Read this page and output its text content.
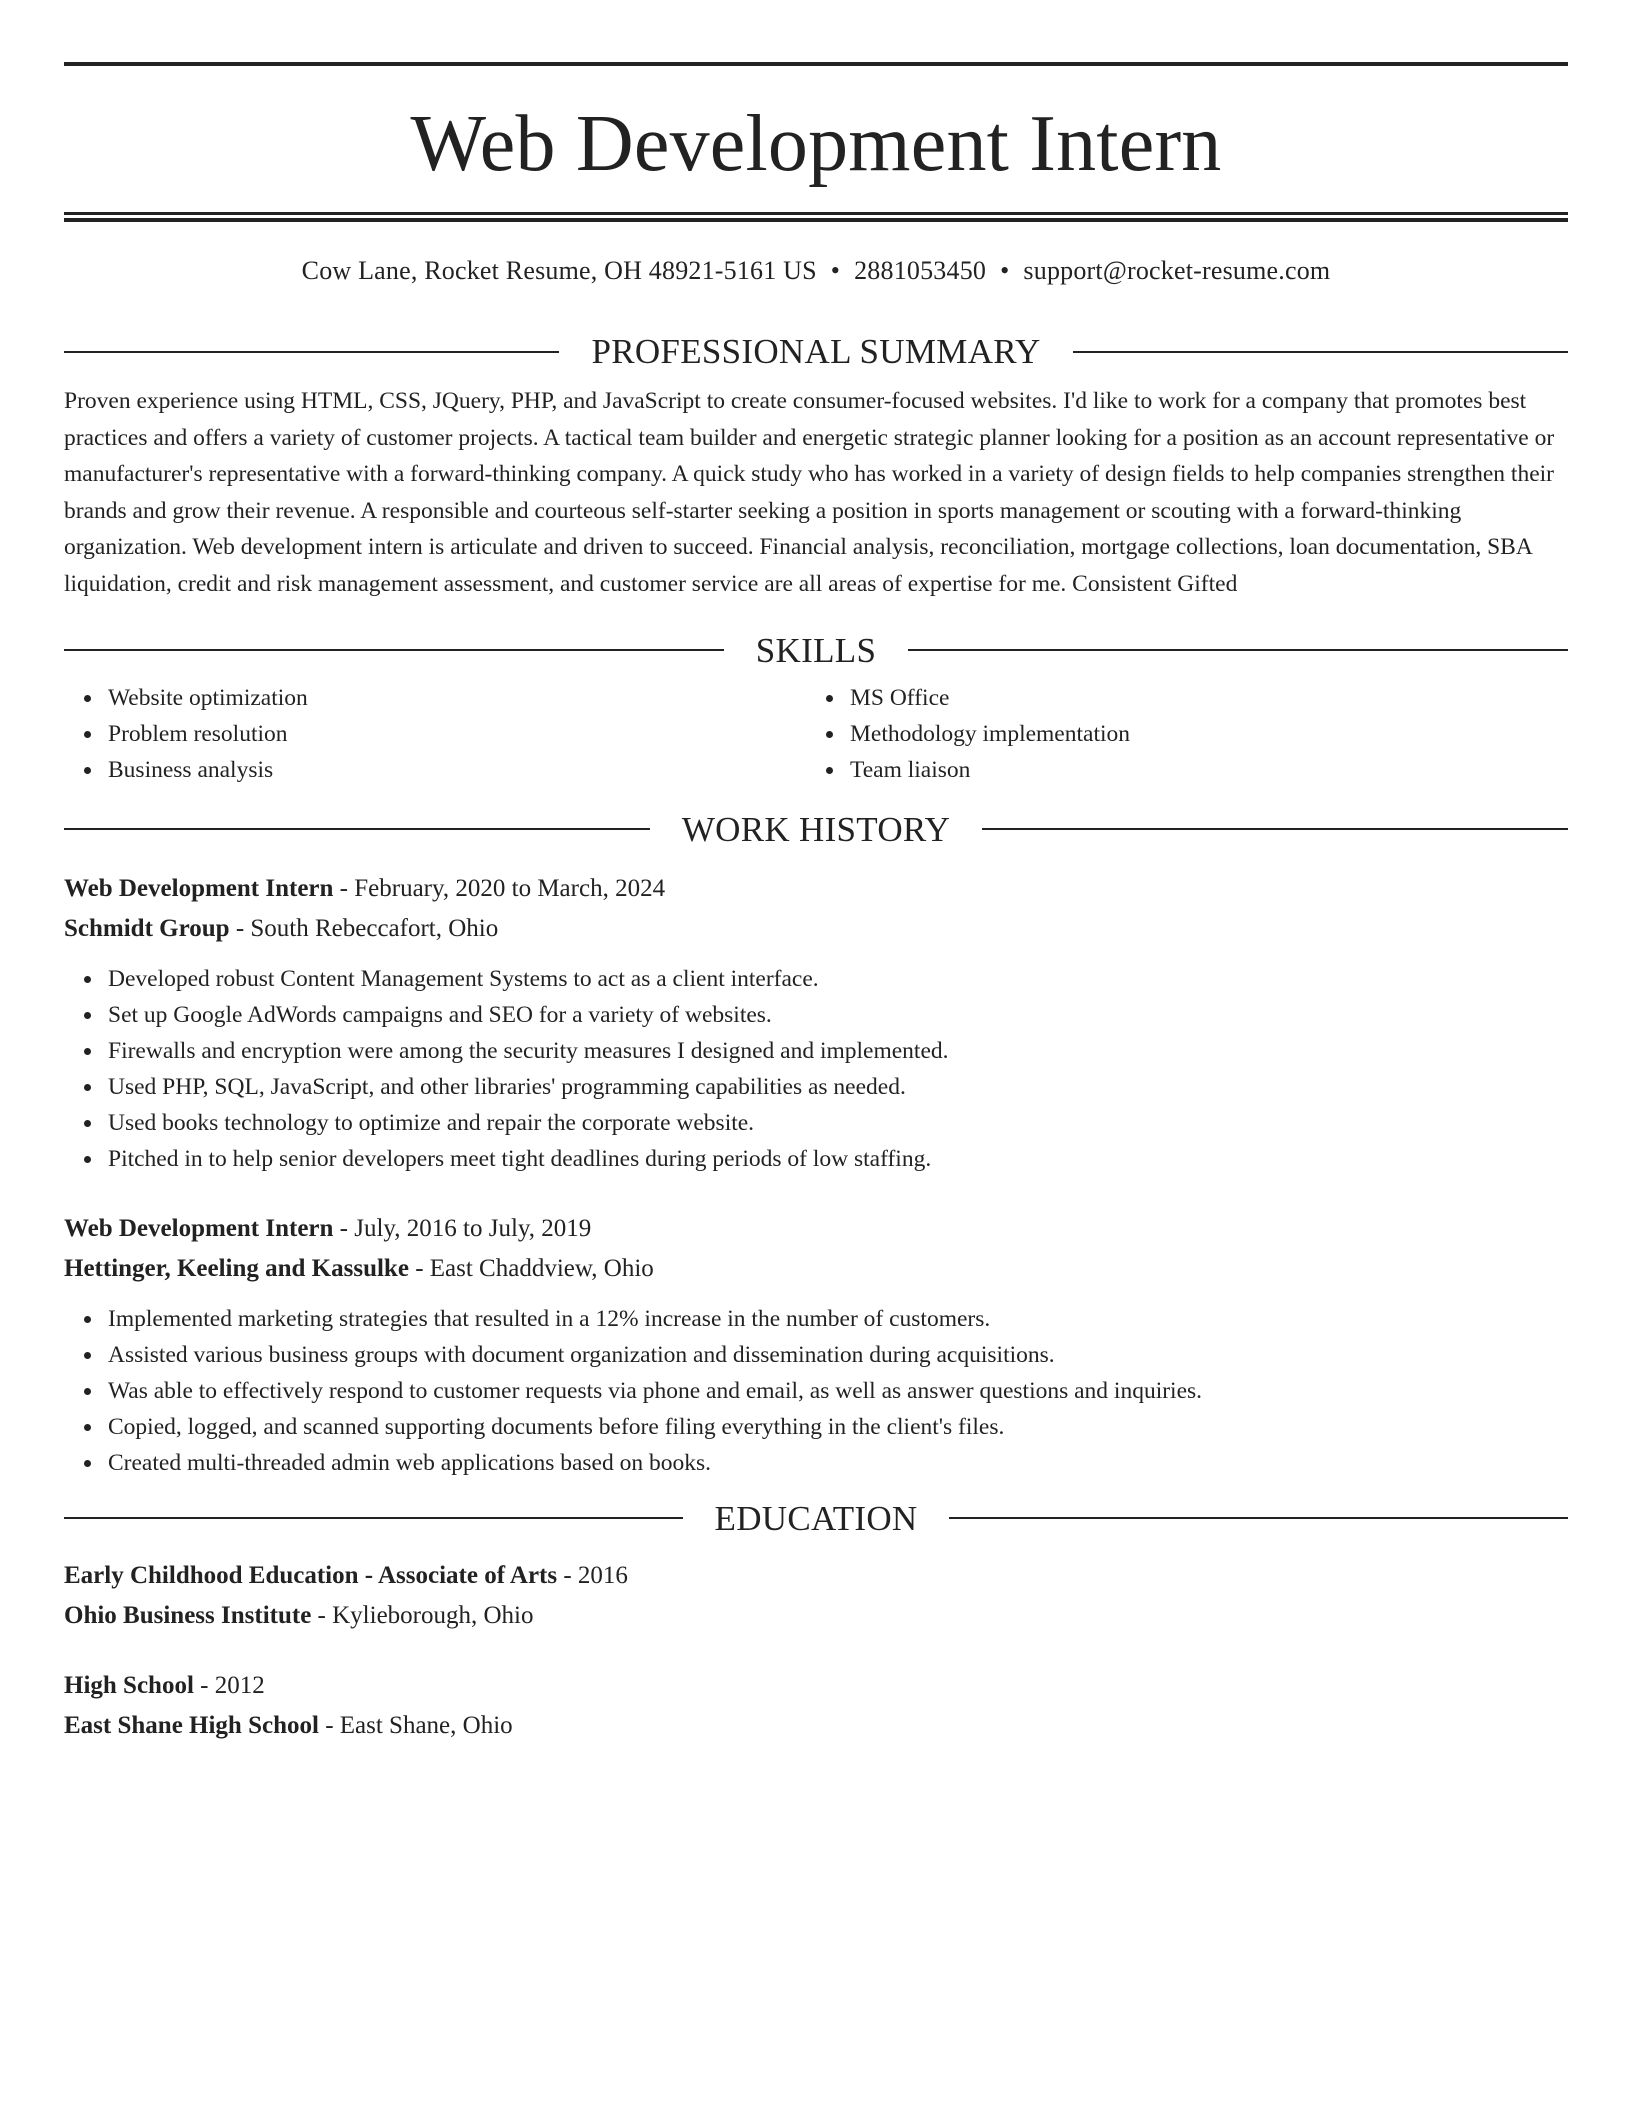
Web Development Intern
Cow Lane, Rocket Resume, OH 48921-5161 US • 2881053450 • support@rocket-resume.com
PROFESSIONAL SUMMARY

Proven experience using HTML, CSS, JQuery, PHP, and JavaScript to create consumer-focused websites. I'd like to work for a company that promotes best practices and offers a variety of customer projects. A tactical team builder and energetic strategic planner looking for a position as an account representative or manufacturer's representative with a forward-thinking company. A quick study who has worked in a variety of design fields to help companies strengthen their brands and grow their revenue. A responsible and courteous self-starter seeking a position in sports management or scouting with a forward-thinking organization. Web development intern is articulate and driven to succeed. Financial analysis, reconciliation, mortgage collections, loan documentation, SBA liquidation, credit and risk management assessment, and customer service are all areas of expertise for me. Consistent Gifted

SKILLS
Website optimization
Problem resolution
Business analysis
MS Office
Methodology implementation
Team liaison
WORK HISTORY
Web Development Intern - February, 2020 to March, 2024
Schmidt Group - South Rebeccafort, Ohio
Developed robust Content Management Systems to act as a client interface.
Set up Google AdWords campaigns and SEO for a variety of websites.
Firewalls and encryption were among the security measures I designed and implemented.
Used PHP, SQL, JavaScript, and other libraries' programming capabilities as needed.
Used books technology to optimize and repair the corporate website.
Pitched in to help senior developers meet tight deadlines during periods of low staffing.
Web Development Intern - July, 2016 to July, 2019
Hettinger, Keeling and Kassulke - East Chaddview, Ohio
Implemented marketing strategies that resulted in a 12% increase in the number of customers.
Assisted various business groups with document organization and dissemination during acquisitions.
Was able to effectively respond to customer requests via phone and email, as well as answer questions and inquiries.
Copied, logged, and scanned supporting documents before filing everything in the client's files.
Created multi-threaded admin web applications based on books.
EDUCATION
Early Childhood Education - Associate of Arts - 2016
Ohio Business Institute - Kylieborough, Ohio
High School - 2012
East Shane High School - East Shane, Ohio
